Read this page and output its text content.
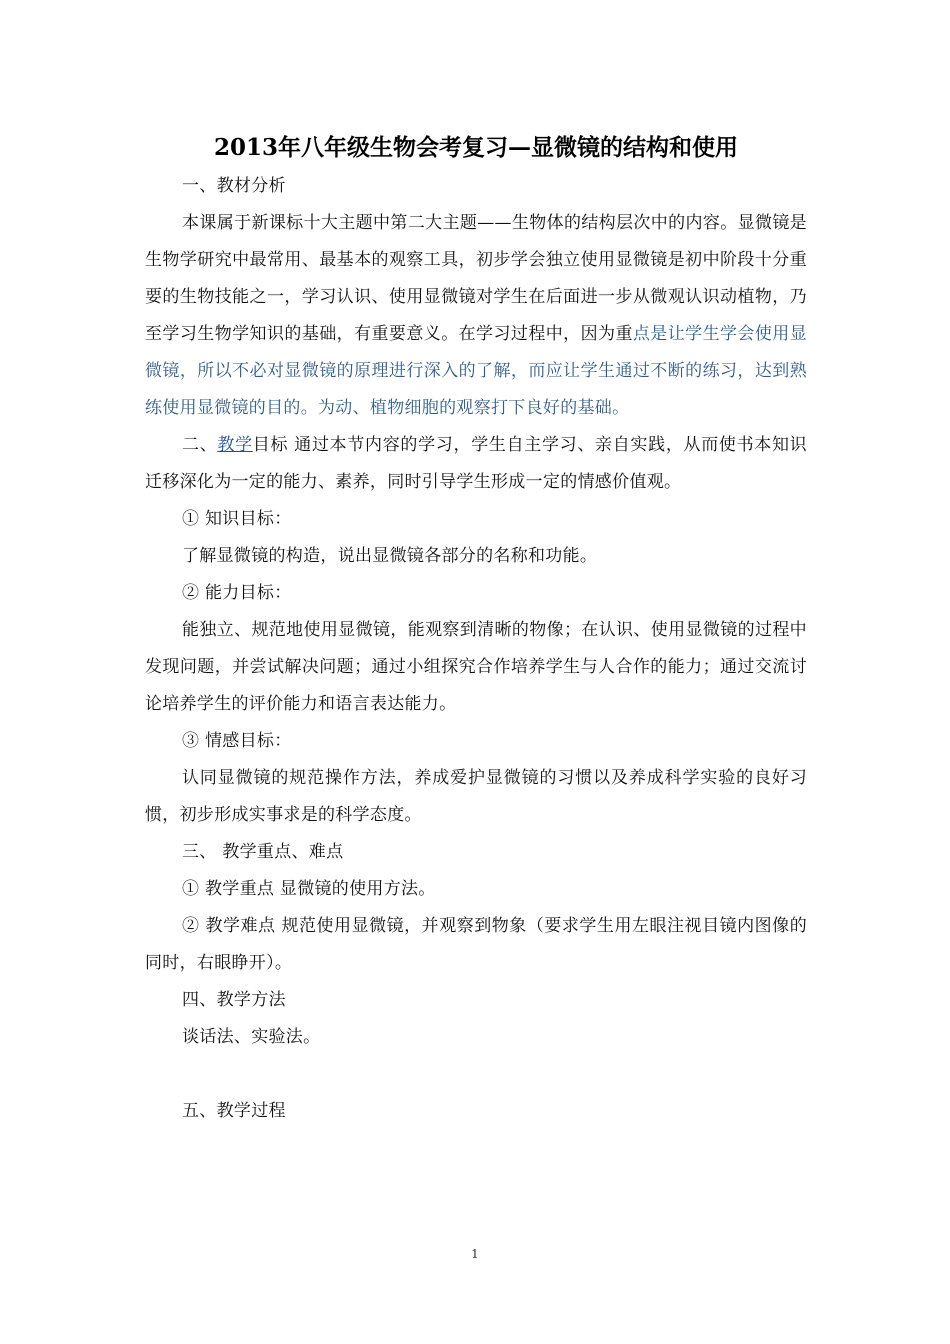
2013年八年级生物会考复习—显微镜的结构和使用

一、教材分析

本课属于新课标十大主题中第二大主题——生物体的结构层次中的内容。显微镜是生物学研究中最常用、最基本的观察工具，初步学会独立使用显微镜是初中阶段十分重要的生物技能之一，学习认识、使用显微镜对学生在后面进一步从微观认识动植物，乃至学习生物学知识的基础，有重要意义。在学习过程中，因为重点是让学生学会使用显微镜，所以不必对显微镜的原理进行深入的了解，而应让学生通过不断的练习，达到熟练使用显微镜的目的。为动、植物细胞的观察打下良好的基础。

二、教学目标 通过本节内容的学习，学生自主学习、亲自实践，从而使书本知识迁移深化为一定的能力、素养，同时引导学生形成一定的情感价值观。

① 知识目标：

了解显微镜的构造，说出显微镜各部分的名称和功能。

② 能力目标：

能独立、规范地使用显微镜，能观察到清晰的物像；在认识、使用显微镜的过程中发现问题，并尝试解决问题；通过小组探究合作培养学生与人合作的能力；通过交流讨论培养学生的评价能力和语言表达能力。

③ 情感目标：

认同显微镜的规范操作方法，养成爱护显微镜的习惯以及养成科学实验的良好习惯，初步形成实事求是的科学态度。

三、 教学重点、难点

① 教学重点 显微镜的使用方法。

② 教学难点 规范使用显微镜，并观察到物象（要求学生用左眼注视目镜内图像的同时，右眼睁开）。

四、教学方法

谈话法、实验法。

五、教学过程

1
